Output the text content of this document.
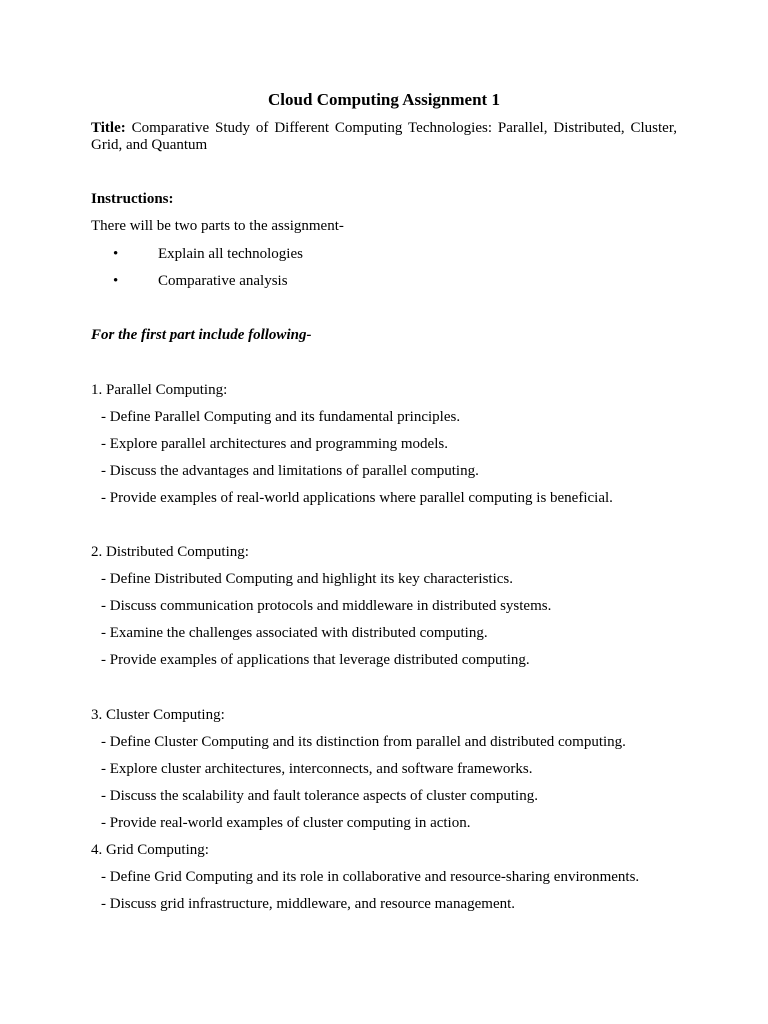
Cloud Computing Assignment 1
Title: Comparative Study of Different Computing Technologies: Parallel, Distributed, Cluster, Grid, and Quantum
Instructions:
There will be two parts to the assignment-
•	Explain all technologies
•	Comparative analysis
For the first part include following-
1. Parallel Computing:
- Define Parallel Computing and its fundamental principles.
- Explore parallel architectures and programming models.
- Discuss the advantages and limitations of parallel computing.
- Provide examples of real-world applications where parallel computing is beneficial.
2. Distributed Computing:
- Define Distributed Computing and highlight its key characteristics.
- Discuss communication protocols and middleware in distributed systems.
- Examine the challenges associated with distributed computing.
- Provide examples of applications that leverage distributed computing.
3. Cluster Computing:
- Define Cluster Computing and its distinction from parallel and distributed computing.
- Explore cluster architectures, interconnects, and software frameworks.
- Discuss the scalability and fault tolerance aspects of cluster computing.
- Provide real-world examples of cluster computing in action.
4. Grid Computing:
- Define Grid Computing and its role in collaborative and resource-sharing environments.
- Discuss grid infrastructure, middleware, and resource management.
